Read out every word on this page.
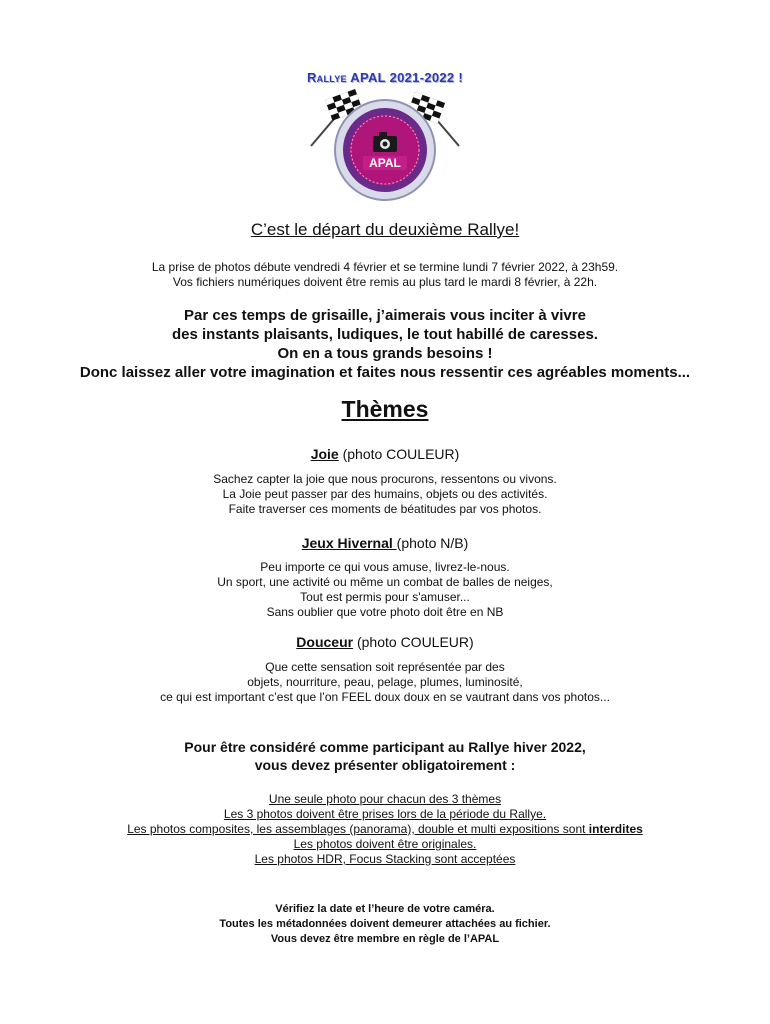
Rallye APAL 2021-2022 !
APAL
C’est le départ du deuxième Rallye!
La prise de photos débute vendredi 4 février et se termine lundi 7 février 2022, à 23h59.
Vos fichiers numériques doivent être remis au plus tard le mardi 8 février, à 22h.
Par ces temps de grisaille, j’aimerais vous inciter à vivre
des instants plaisants, ludiques, le tout habillé de caresses.
On en a tous grands besoins !
Donc laissez aller votre imagination et faites nous ressentir ces agréables moments...
Thèmes
Joie (photo COULEUR)
Sachez capter la joie que nous procurons, ressentons ou vivons.
La Joie peut passer par des humains, objets ou des activités.
Faite traverser ces moments de béatitudes par vos photos.
Jeux Hivernal (photo N/B)
Peu importe ce qui vous amuse, livrez-le-nous.
Un sport, une activité ou même un combat de balles de neiges,
Tout est permis pour s'amuser...
Sans oublier que votre photo doit être en NB
Douceur (photo COULEUR)
Que cette sensation soit représentée par des
objets, nourriture, peau, pelage, plumes, luminosité,
ce qui est important c’est que l’on FEEL doux doux en se vautrant dans vos photos...
Pour être considéré comme participant au Rallye hiver 2022,
vous devez présenter obligatoirement :
Une seule photo pour chacun des 3 thèmes
Les 3 photos doivent être prises lors de la période du Rallye.
Les photos composites, les assemblages (panorama), double et multi expositions sont interdites
Les photos doivent être originales.
Les photos HDR, Focus Stacking sont acceptées
Vérifiez la date et l’heure de votre caméra.
Toutes les métadonnées doivent demeurer attachées au fichier.
Vous devez être membre en règle de l’APAL
